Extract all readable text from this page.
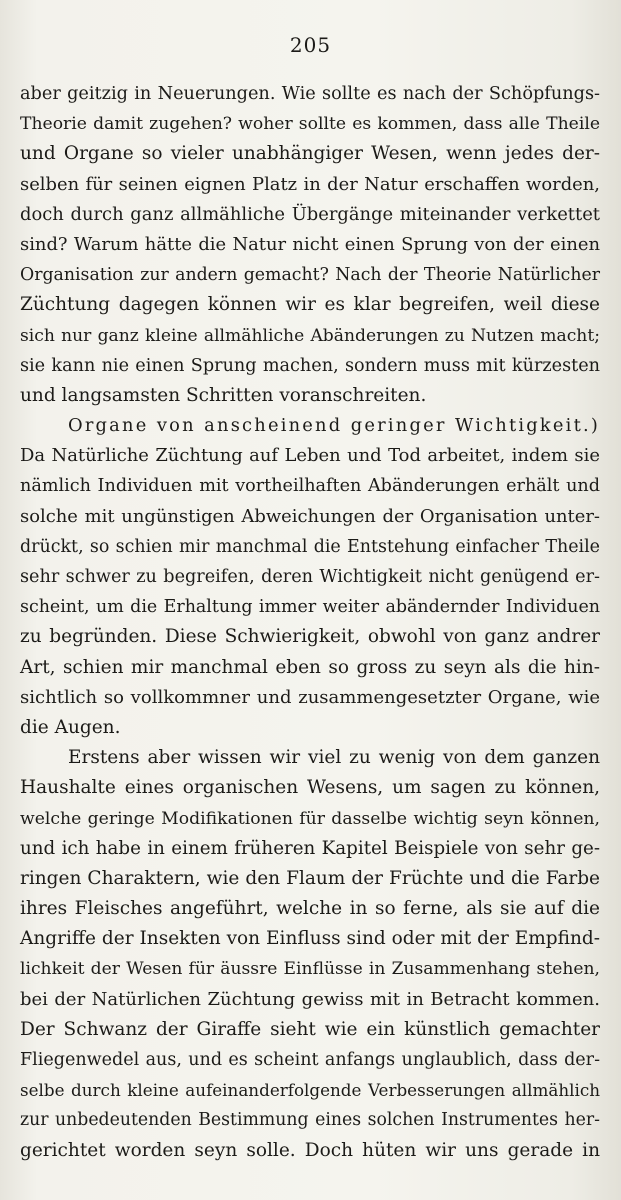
205
aber geitzig in Neuerungen. Wie sollte es nach der Schöpfungs-
Theorie damit zugehen? woher sollte es kommen, dass alle Theile
und Organe so vieler unabhängiger Wesen, wenn jedes der-
selben für seinen eignen Platz in der Natur erschaffen worden,
doch durch ganz allmähliche Übergänge miteinander verkettet
sind? Warum hätte die Natur nicht einen Sprung von der einen
Organisation zur andern gemacht? Nach der Theorie Natürlicher
Züchtung dagegen können wir es klar begreifen, weil diese
sich nur ganz kleine allmähliche Abänderungen zu Nutzen macht;
sie kann nie einen Sprung machen, sondern muss mit kürzesten
und langsamsten Schritten voranschreiten.
Organe von anscheinend geringer Wichtigkeit.)
Da Natürliche Züchtung auf Leben und Tod arbeitet, indem sie
nämlich Individuen mit vortheilhaften Abänderungen erhält und
solche mit ungünstigen Abweichungen der Organisation unter-
drückt, so schien mir manchmal die Entstehung einfacher Theile
sehr schwer zu begreifen, deren Wichtigkeit nicht genügend er-
scheint, um die Erhaltung immer weiter abändernder Individuen
zu begründen. Diese Schwierigkeit, obwohl von ganz andrer
Art, schien mir manchmal eben so gross zu seyn als die hin-
sichtlich so vollkommner und zusammengesetzter Organe, wie
die Augen.
Erstens aber wissen wir viel zu wenig von dem ganzen
Haushalte eines organischen Wesens, um sagen zu können,
welche geringe Modifikationen für dasselbe wichtig seyn können,
und ich habe in einem früheren Kapitel Beispiele von sehr ge-
ringen Charaktern, wie den Flaum der Früchte und die Farbe
ihres Fleisches angeführt, welche in so ferne, als sie auf die
Angriffe der Insekten von Einfluss sind oder mit der Empfind-
lichkeit der Wesen für äussre Einflüsse in Zusammenhang stehen,
bei der Natürlichen Züchtung gewiss mit in Betracht kommen.
Der Schwanz der Giraffe sieht wie ein künstlich gemachter
Fliegenwedel aus, und es scheint anfangs unglaublich, dass der-
selbe durch kleine aufeinanderfolgende Verbesserungen allmählich
zur unbedeutenden Bestimmung eines solchen Instrumentes her-
gerichtet worden seyn solle. Doch hüten wir uns gerade in
